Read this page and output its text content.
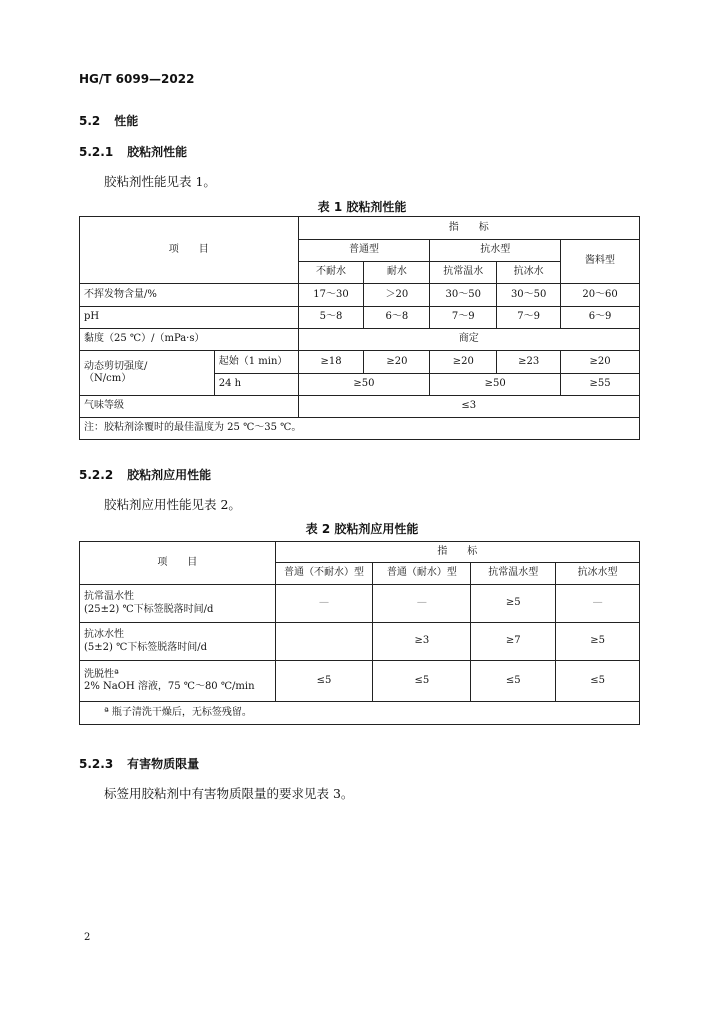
HG/T 6099—2022
5.2 性能
5.2.1 胶粘剂性能
胶粘剂性能见表 1。
表 1 胶粘剂性能
项　　目		指　　标				
		普通型		抗水型		酱料型
		不耐水	耐水	抗常温水	抗冰水	
不挥发物含量/%		17～30	＞20	30～50	30～50	20～60
pH		5～8	6～8	7～9	7～9	6～9
黏度（25 ℃）/（mPa·s）		商定				

动态剪切强度/
（N/cm）	起始（1 min）	≥18	≥20	≥20	≥23	≥20
	24 h	≥50		≥50		≥55
气味等级		≤3				
注：胶粘剂涂覆时的最佳温度为 25 ℃～35 ℃。						
5.2.2 胶粘剂应用性能
胶粘剂应用性能见表 2。
表 2 胶粘剂应用性能
项　　目	指　　标			
	普通（不耐水）型	普通（耐水）型	抗常温水型	抗冰水型

抗常温水性
(25±2) ℃下标签脱落时间/d	—	—	≥5	—

抗冰水性
(5±2) ℃下标签脱落时间/d		≥3	≥7	≥5

洗脱性ª
2% NaOH 溶液，75 ℃～80 ℃/min	≤5	≤5	≤5	≤5
ª 瓶子清洗干燥后，无标签残留。				
5.2.3 有害物质限量
标签用胶粘剂中有害物质限量的要求见表 3。
2
